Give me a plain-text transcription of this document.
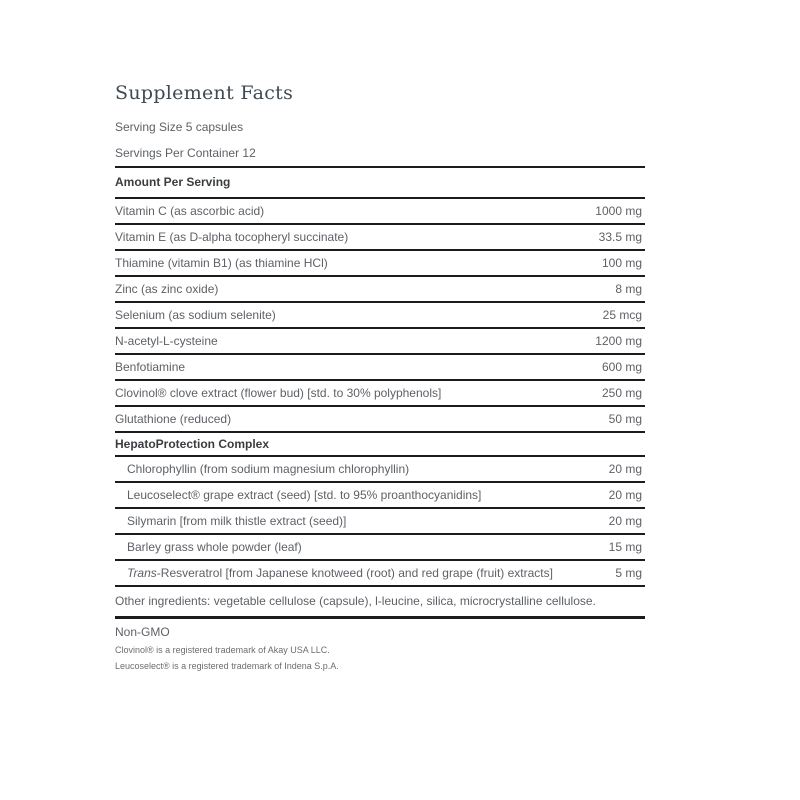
Supplement Facts
Serving Size 5 capsules
Servings Per Container 12
Amount Per Serving
Vitamin C (as ascorbic acid)	1000 mg
Vitamin E (as D-alpha tocopheryl succinate)	33.5 mg
Thiamine (vitamin B1) (as thiamine HCl)	100 mg
Zinc (as zinc oxide)	8 mg
Selenium (as sodium selenite)	25 mcg
N-acetyl-L-cysteine	1200 mg
Benfotiamine	600 mg
Clovinol® clove extract (flower bud) [std. to 30% polyphenols]	250 mg
Glutathione (reduced)	50 mg
HepatoProtection Complex
Chlorophyllin (from sodium magnesium chlorophyllin)	20 mg
Leucoselect® grape extract (seed) [std. to 95% proanthocyanidins]	20 mg
Silymarin [from milk thistle extract (seed)]	20 mg
Barley grass whole powder (leaf)	15 mg
Trans-Resveratrol [from Japanese knotweed (root) and red grape (fruit) extracts]	5 mg
Other ingredients: vegetable cellulose (capsule), l-leucine, silica, microcrystalline cellulose.
Non-GMO
Clovinol® is a registered trademark of Akay USA LLC.
Leucoselect® is a registered trademark of Indena S.p.A.
